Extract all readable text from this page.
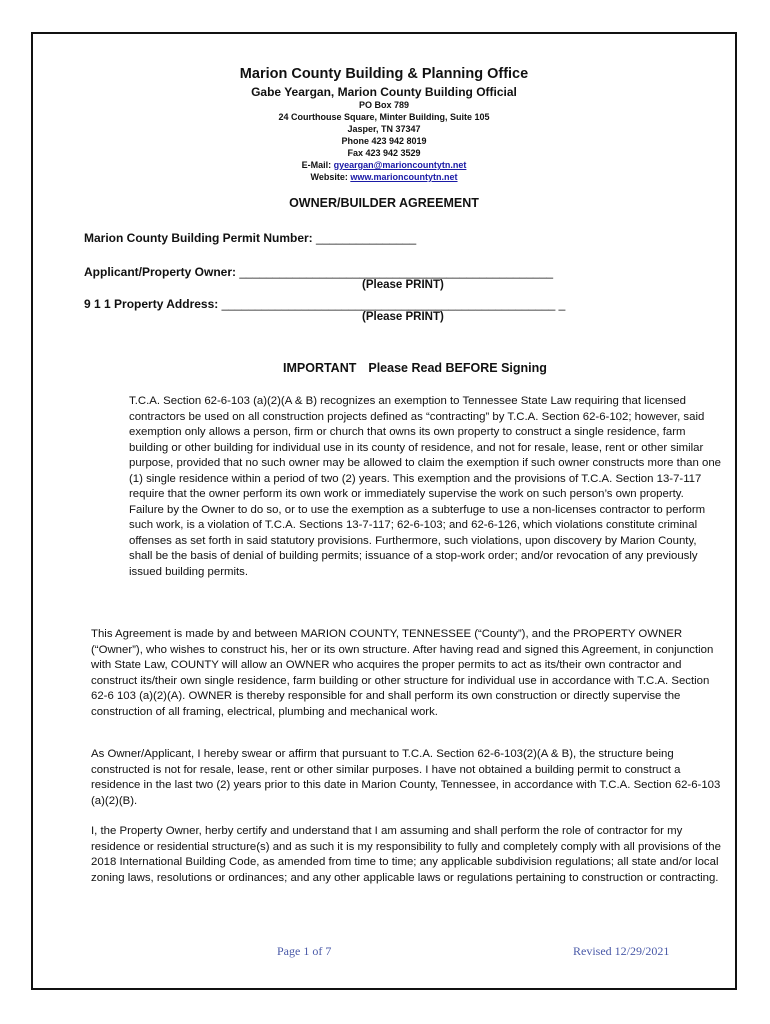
Marion County Building & Planning Office
Gabe Yeargan, Marion County Building Official
PO Box 789
24 Courthouse Square, Minter Building, Suite 105
Jasper, TN 37347
Phone 423 942 8019
Fax 423 942 3529
E-Mail: gyeargan@marioncountytn.net
Website: www.marioncountytn.net
OWNER/BUILDER AGREEMENT
Marion County Building Permit Number: _______________
Applicant/Property Owner: _______________________________________________
(Please PRINT)
9 1 1 Property Address: __________________________________________________ _
(Please PRINT)
IMPORTANT Please Read BEFORE Signing

T.C.A. Section 62-6-103 (a)(2)(A & B) recognizes an exemption to Tennessee State Law requiring that licensed contractors be used on all construction projects defined as “contracting” by T.C.A. Section 62-6-102; however, said exemption only allows a person, firm or church that owns its own property to construct a single residence, farm building or other building for individual use in its county of residence, and not for resale, lease, rent or other similar purpose, provided that no such owner may be allowed to claim the exemption if such owner constructs more than one (1) single residence within a period of two (2) years. This exemption and the provisions of T.C.A. Section 13-7-117 require that the owner perform its own work or immediately supervise the work on such person’s own property. Failure by the Owner to do so, or to use the exemption as a subterfuge to use a non-licenses contractor to perform such work, is a violation of T.C.A. Sections 13-7-117; 62-6-103; and 62-6-126, which violations constitute criminal offenses as set forth in said statutory provisions. Furthermore, such violations, upon discovery by Marion County, shall be the basis of denial of building permits; issuance of a stop-work order; and/or revocation of any previously issued building permits.

This Agreement is made by and between MARION COUNTY, TENNESSEE (“County”), and the PROPERTY OWNER (“Owner”), who wishes to construct his, her or its own structure. After having read and signed this Agreement, in conjunction with State Law, COUNTY will allow an OWNER who acquires the proper permits to act as its/their own contractor and construct its/their own single residence, farm building or other structure for individual use in accordance with T.C.A. Section 62-6 103 (a)(2)(A). OWNER is thereby responsible for and shall perform its own construction or directly supervise the construction of all framing, electrical, plumbing and mechanical work.

As Owner/Applicant, I hereby swear or affirm that pursuant to T.C.A. Section 62-6-103(2)(A & B), the structure being constructed is not for resale, lease, rent or other similar purposes. I have not obtained a building permit to construct a residence in the last two (2) years prior to this date in Marion County, Tennessee, in accordance with T.C.A. Section 62-6-103 (a)(2)(B).

I, the Property Owner, herby certify and understand that I am assuming and shall perform the role of contractor for my residence or residential structure(s) and as such it is my responsibility to fully and completely comply with all provisions of the 2018 International Building Code, as amended from time to time; any applicable subdivision regulations; all state and/or local zoning laws, resolutions or ordinances; and any other applicable laws or regulations pertaining to construction or contracting.

Page 1 of 7	Revised 12/29/2021
